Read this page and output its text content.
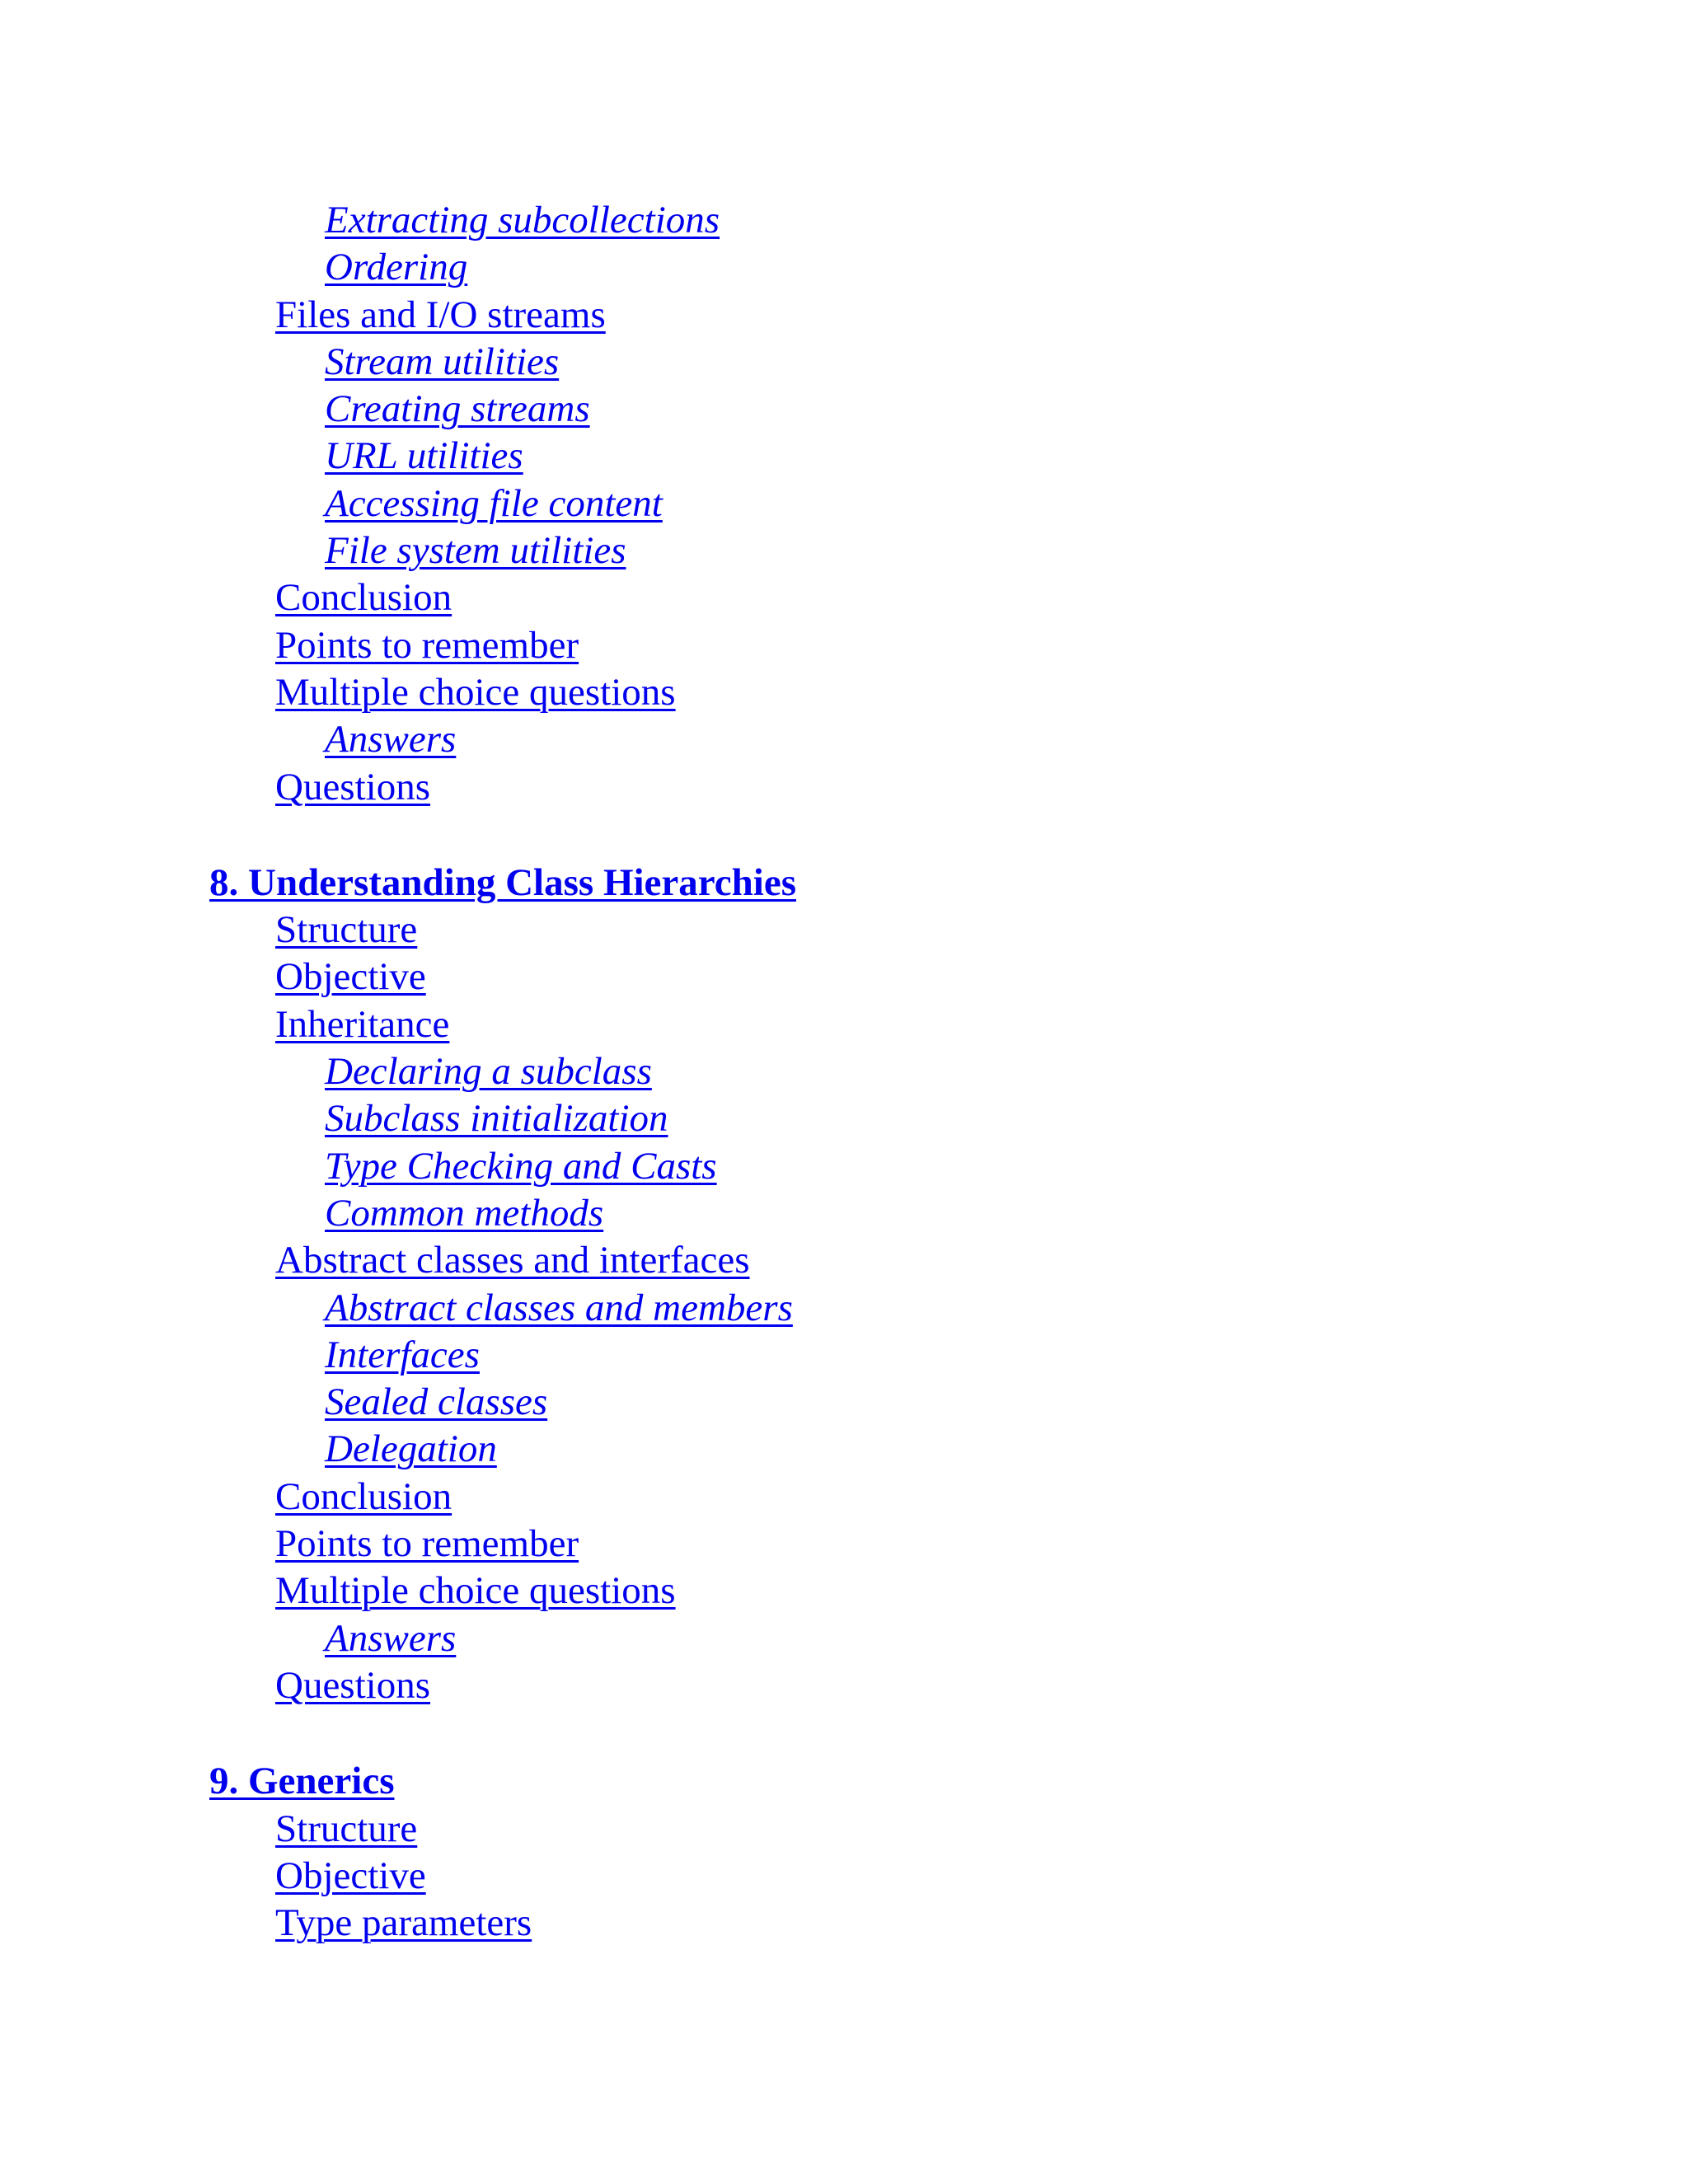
Extracting subcollections
Ordering
Files and I/O streams
Stream utilities
Creating streams
URL utilities
Accessing file content
File system utilities
Conclusion
Points to remember
Multiple choice questions
Answers
Questions
8. Understanding Class Hierarchies
Structure
Objective
Inheritance
Declaring a subclass
Subclass initialization
Type Checking and Casts
Common methods
Abstract classes and interfaces
Abstract classes and members
Interfaces
Sealed classes
Delegation
Conclusion
Points to remember
Multiple choice questions
Answers
Questions
9. Generics
Structure
Objective
Type parameters
